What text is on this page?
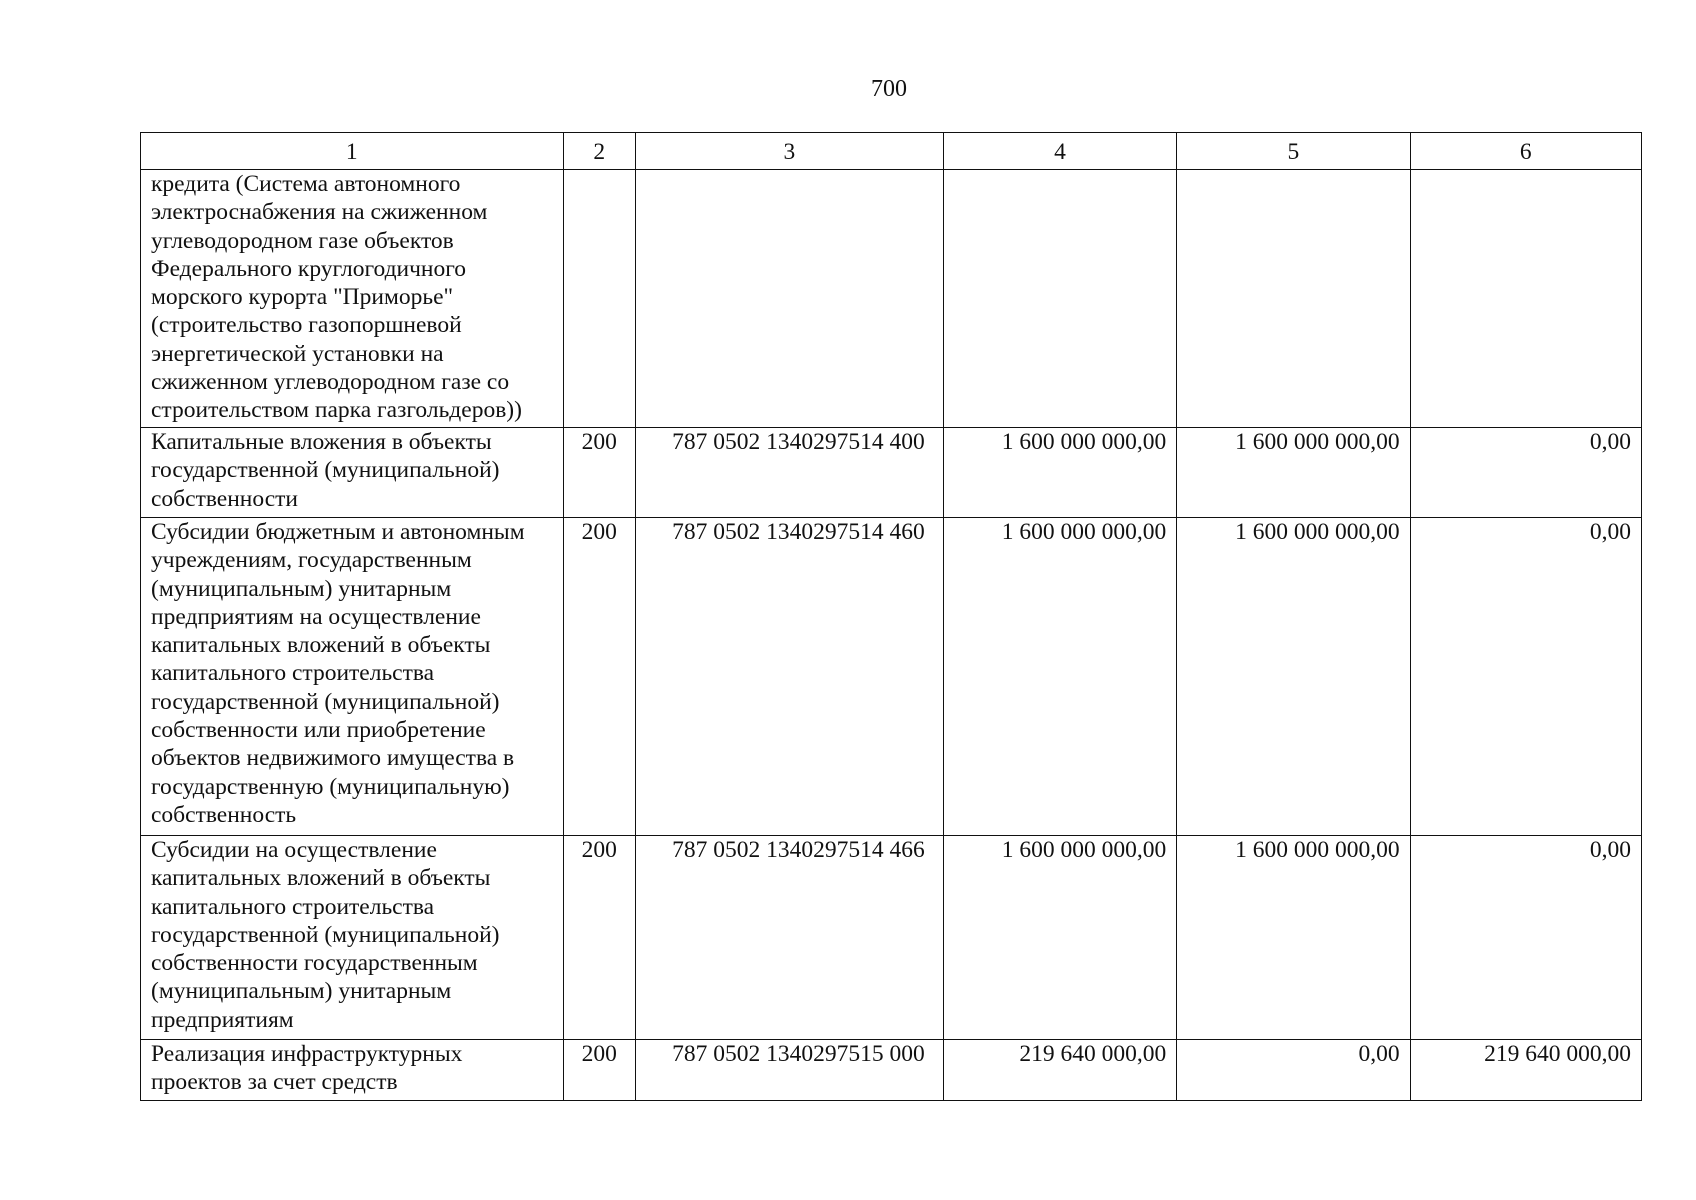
700
1	2	3	4	5	6
кредита (Система автономного электроснабжения на сжиженном углеводородном газе объектов Федерального круглогодичного морского курорта "Приморье" (строительство газопоршневой энергетической установки на сжиженном углеводородном газе со строительством парка газгольдеров))					
Капитальные вложения в объекты государственной (муниципальной) собственности	200	787 0502 1340297514 400	1 600 000 000,00	1 600 000 000,00	0,00
Субсидии бюджетным и автономным учреждениям, государственным (муниципальным) унитарным предприятиям на осуществление капитальных вложений в объекты капитального строительства государственной (муниципальной) собственности или приобретение объектов недвижимого имущества в государственную (муниципальную) собственность	200	787 0502 1340297514 460	1 600 000 000,00	1 600 000 000,00	0,00
Субсидии на осуществление капитальных вложений в объекты капитального строительства государственной (муниципальной) собственности государственным (муниципальным) унитарным предприятиям	200	787 0502 1340297514 466	1 600 000 000,00	1 600 000 000,00	0,00
Реализация инфраструктурных проектов за счет средств	200	787 0502 1340297515 000	219 640 000,00	0,00	219 640 000,00
